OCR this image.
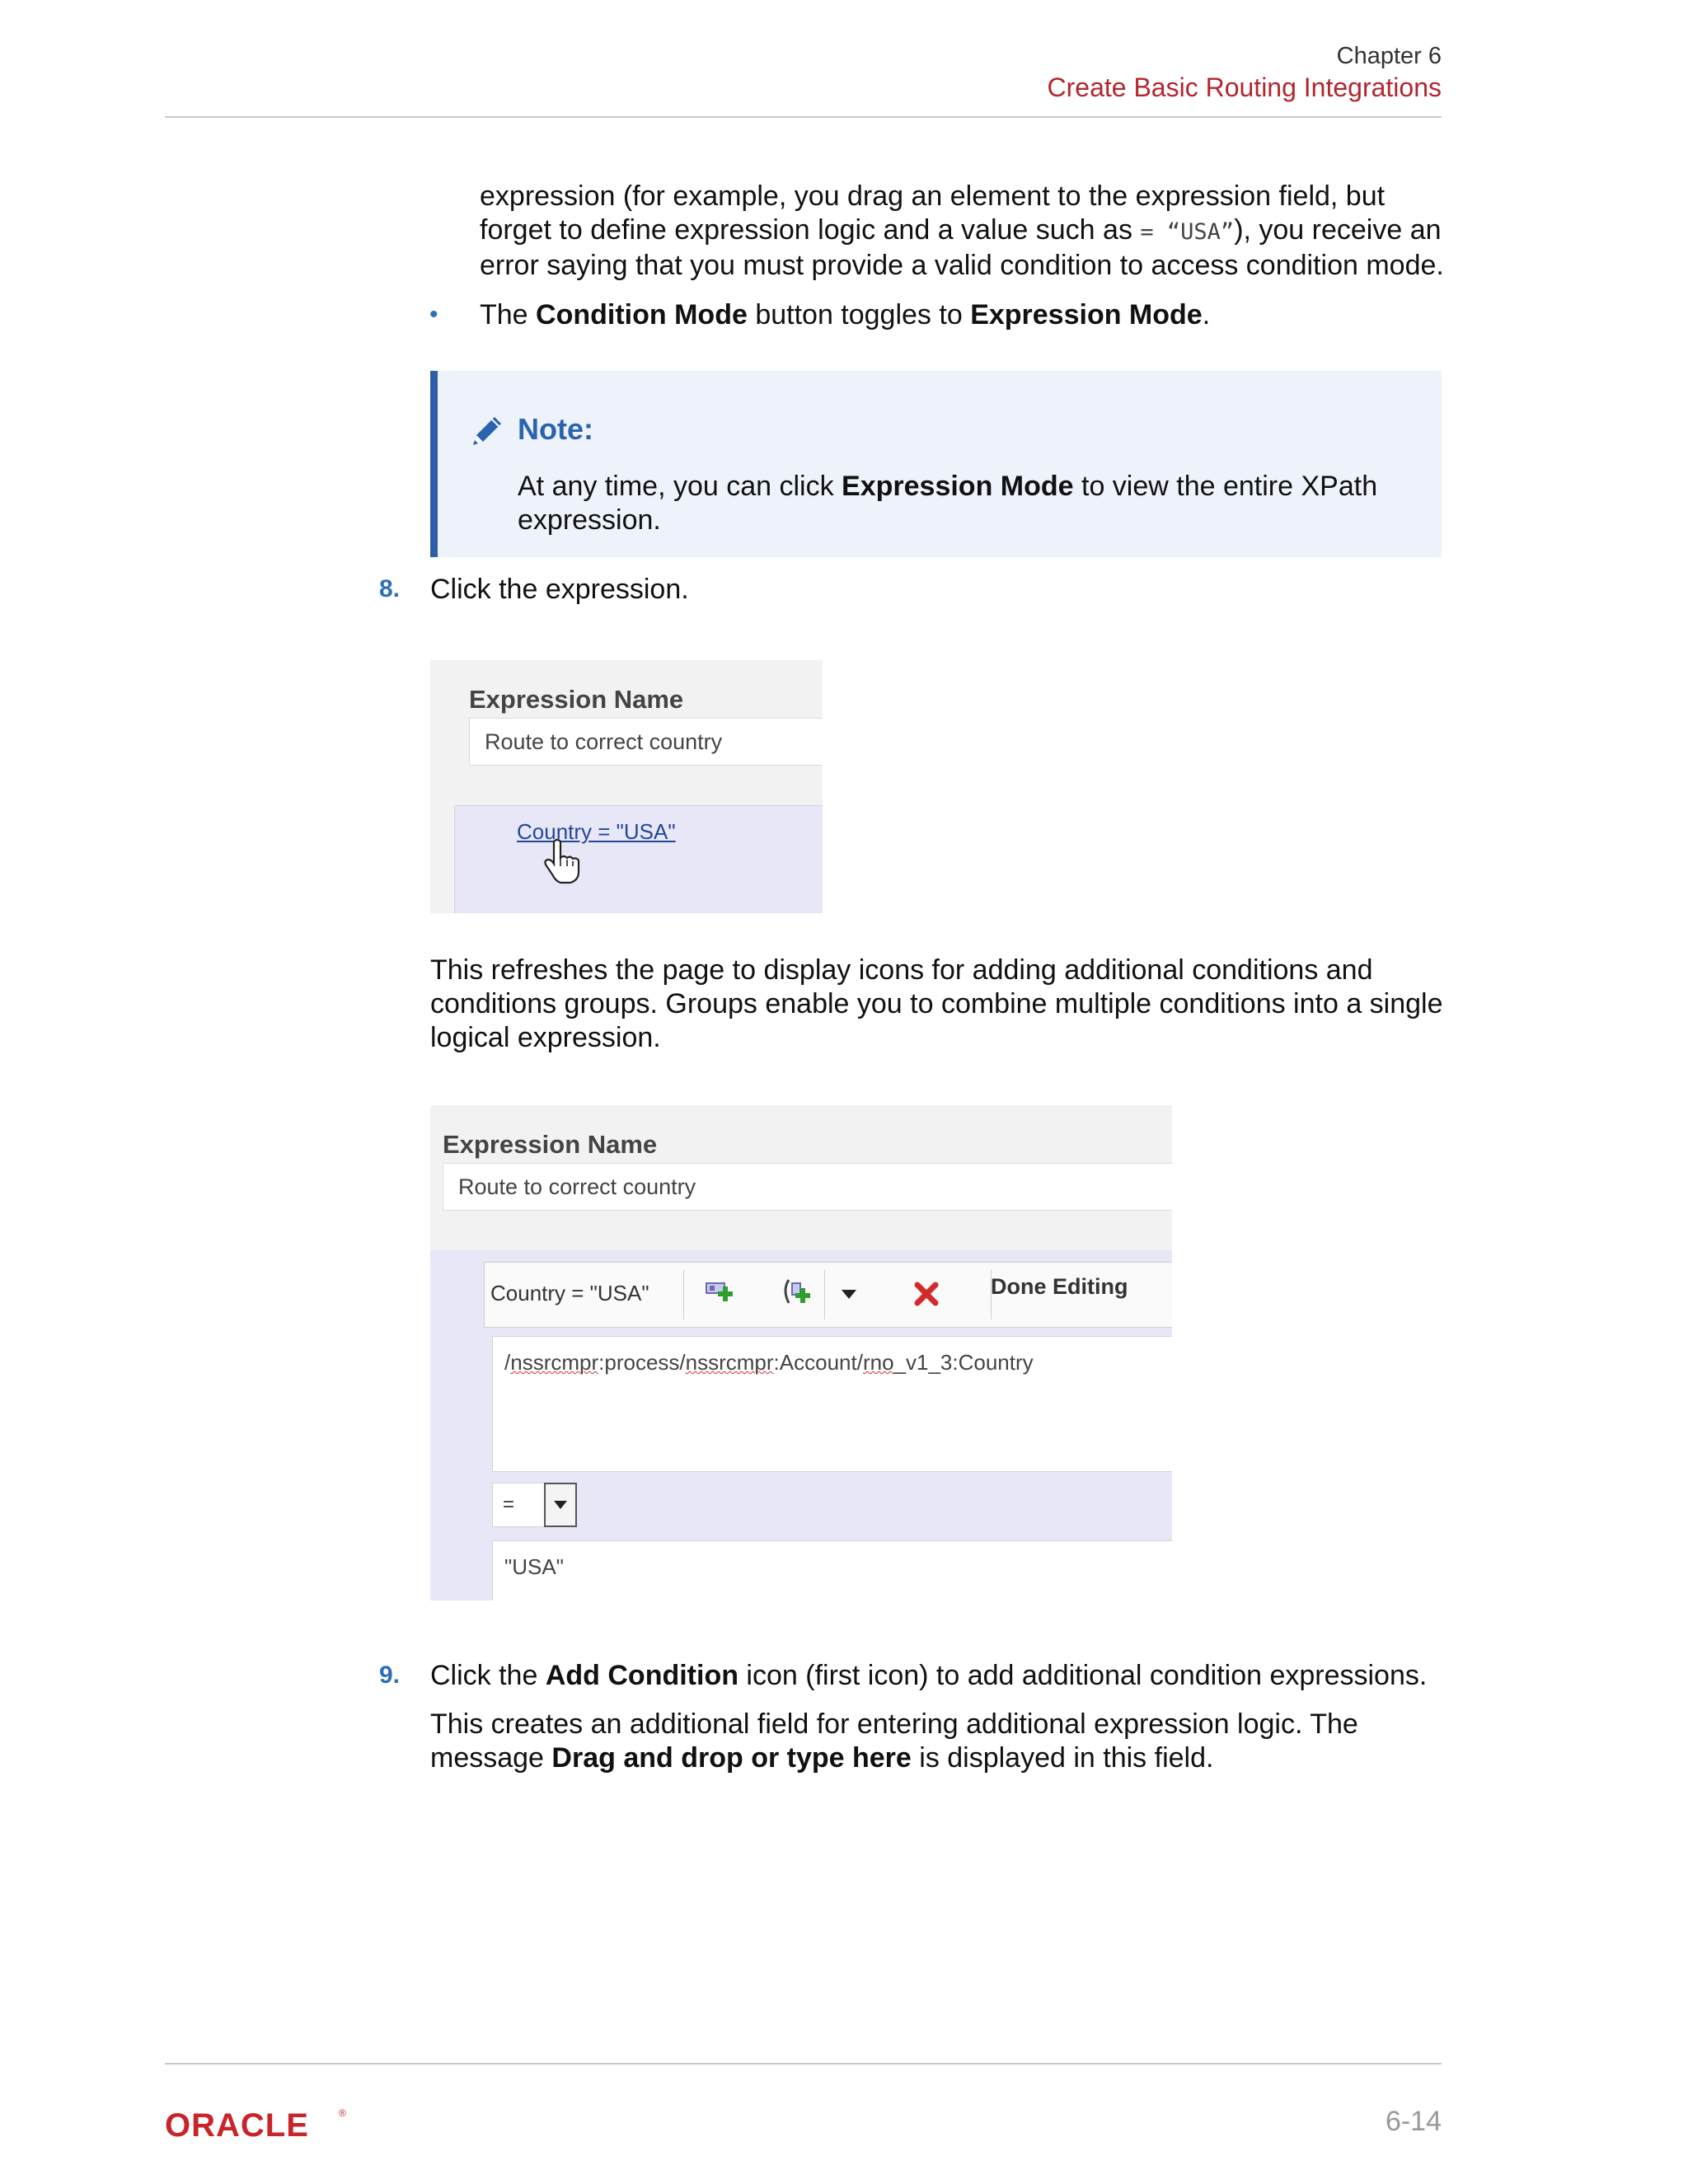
Chapter 6
Create Basic Routing Integrations
expression (for example, you drag an element to the expression field, but
forget to define expression logic and a value such as = “USA”), you receive an
error saying that you must provide a valid condition to access condition mode.
• The Condition Mode button toggles to Expression Mode.
Note:
At any time, you can click Expression Mode to view the entire XPath
expression.
8. Click the expression.
Expression Name
Route to correct country
Country = "USA"
This refreshes the page to display icons for adding additional conditions and
conditions groups. Groups enable you to combine multiple conditions into a single
logical expression.
Expression Name
Route to correct country
Country = "USA"	Done Editing
/nssrcmpr:process/nssrcmpr:Account/rno_v1_3:Country
=
"USA"
9. Click the Add Condition icon (first icon) to add additional condition expressions.
This creates an additional field for entering additional expression logic. The
message Drag and drop or type here is displayed in this field.
ORACLE	®	6-14
